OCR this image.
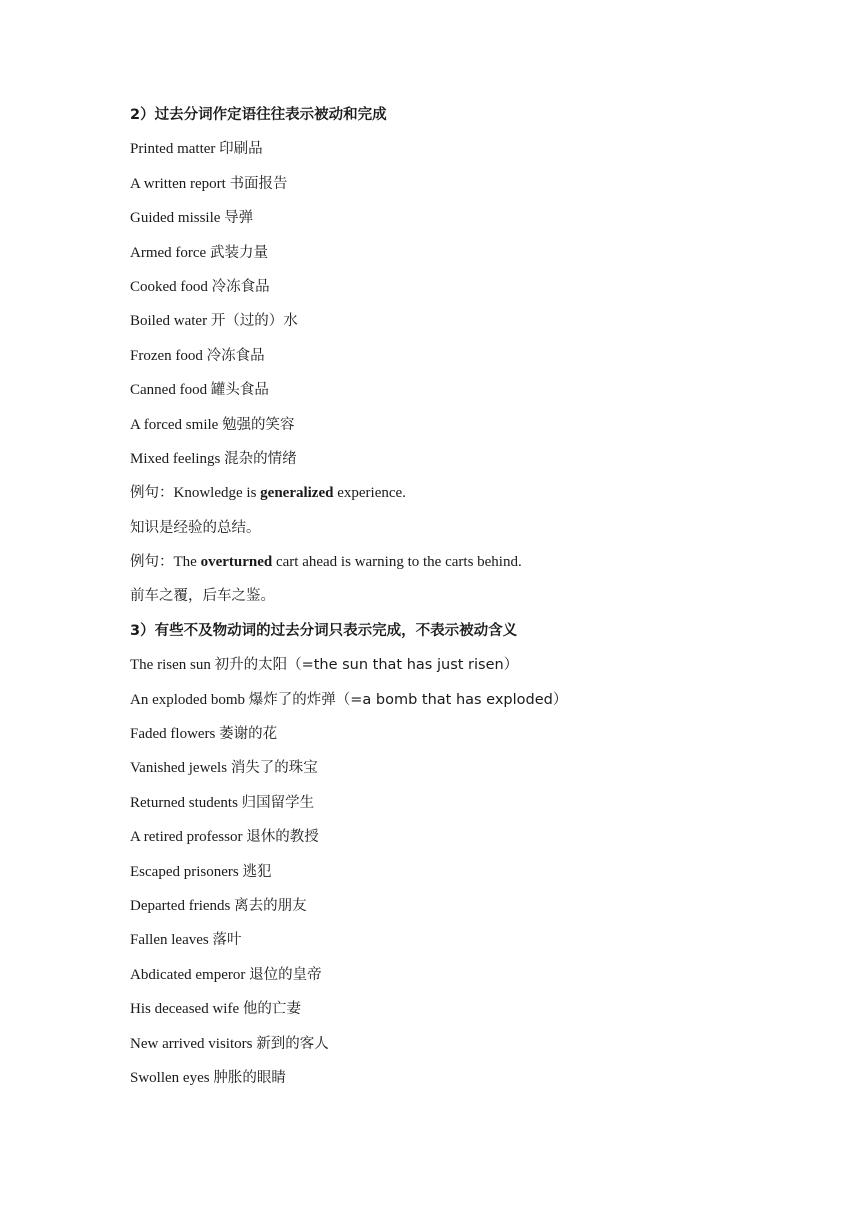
2）过去分词作定语往往表示被动和完成
Printed matter 印刷品
A written report 书面报告
Guided missile 导弹
Armed force 武装力量
Cooked food 冷冻食品
Boiled water 开（过的）水
Frozen food 冷冻食品
Canned food 罐头食品
A forced smile 勉强的笑容
Mixed feelings 混杂的情绪
例句：Knowledge is generalized experience.
知识是经验的总结。
例句：The overturned cart ahead is warning to the carts behind.
前车之覆，后车之鉴。
3）有些不及物动词的过去分词只表示完成，不表示被动含义
The risen sun 初升的太阳（=the sun that has just risen）
An exploded bomb 爆炸了的炸弹（=a bomb that has exploded）
Faded flowers 萎谢的花
Vanished jewels 消失了的珠宝
Returned students 归国留学生
A retired professor 退休的教授
Escaped prisoners 逃犯
Departed friends 离去的朋友
Fallen leaves 落叶
Abdicated emperor 退位的皇帝
His deceased wife 他的亡妻
New arrived visitors 新到的客人
Swollen eyes 肿胀的眼睛
